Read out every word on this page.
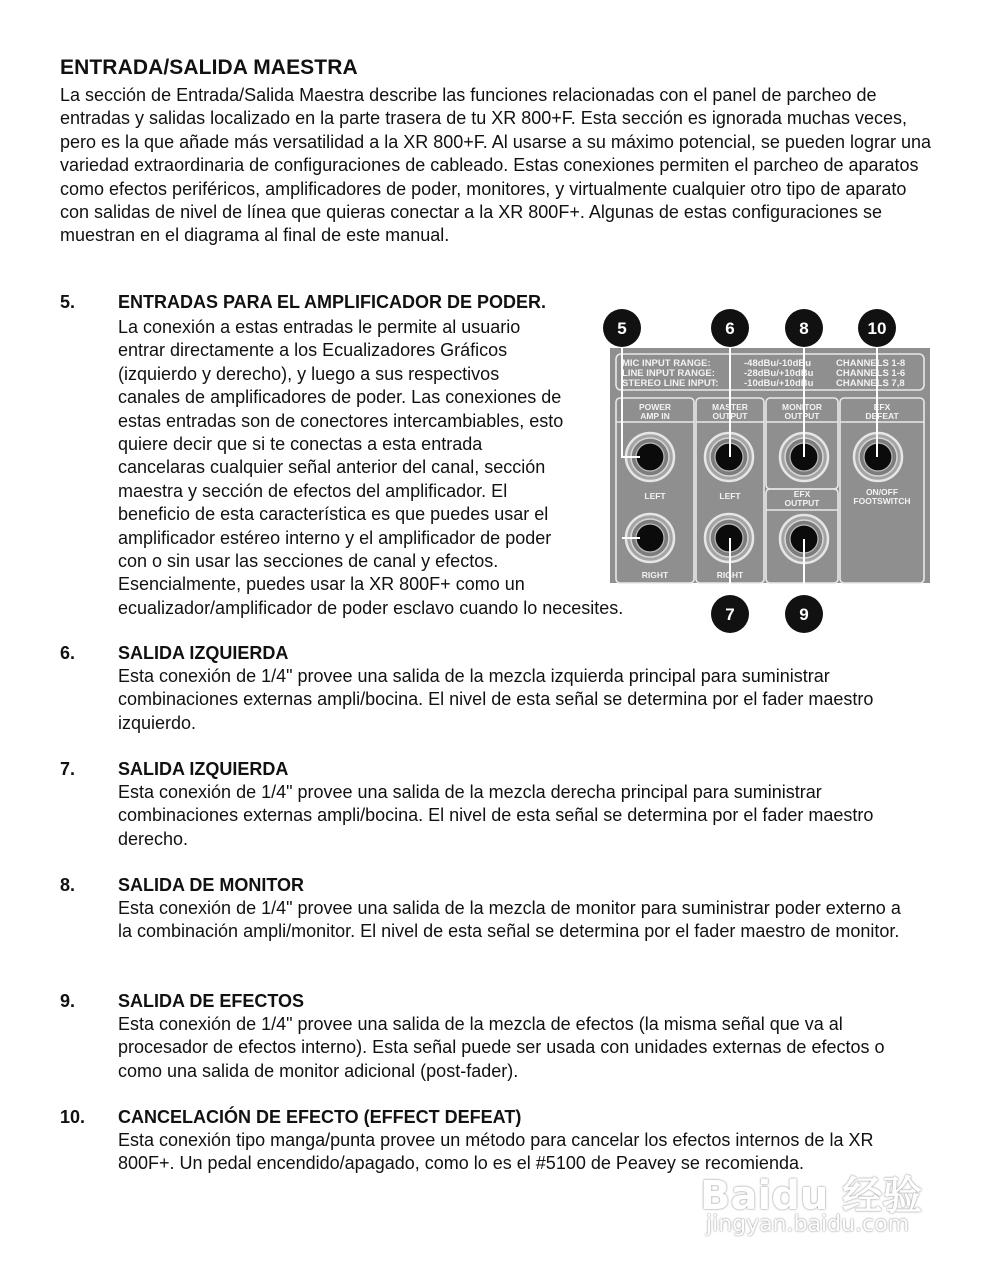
ENTRADA/SALIDA MAESTRA

La sección de Entrada/Salida Maestra describe las funciones relacionadas con el panel de parcheo de entradas y salidas localizado en la parte trasera de tu XR 800+F. Esta sección es ignorada muchas veces, pero es la que añade más versatilidad a la XR 800+F. Al usarse a su máximo potencial, se pueden lograr una variedad extraordinaria de configuraciones de cableado. Estas conexiones permiten el parcheo de aparatos como efectos periféricos, amplificadores de poder, monitores, y virtualmente cualquier otro tipo de aparato con salidas de nivel de línea que quieras conectar a la XR 800F+. Algunas de estas configuraciones se muestran en el diagrama al final de este manual.

5. ENTRADAS PARA EL AMPLIFICADOR DE PODER.
La conexión a estas entradas le permite al usuario
entrar directamente a los Ecualizadores Gráficos
(izquierdo y derecho), y luego a sus respectivos
canales de amplificadores de poder. Las conexiones de
estas entradas son de conectores intercambiables, esto
quiere decir que si te conectas a esta entrada
cancelaras cualquier señal anterior del canal, sección
maestra y sección de efectos del amplificador. El
beneficio de esta característica es que puedes usar el
amplificador estéreo interno y el amplificador de poder
con o sin usar las secciones de canal y efectos.
Esencialmente, puedes usar la XR 800F+ como un
ecualizador/amplificador de poder esclavo cuando lo necesites.
6. SALIDA IZQUIERDA

Esta conexión de 1/4" provee una salida de la mezcla izquierda principal para suministrar combinaciones externas ampli/bocina. El nivel de esta señal se determina por el fader maestro izquierdo.

7. SALIDA IZQUIERDA

Esta conexión de 1/4" provee una salida de la mezcla derecha principal para suministrar combinaciones externas ampli/bocina. El nivel de esta señal se determina por el fader maestro derecho.

8. SALIDA DE MONITOR

Esta conexión de 1/4" provee una salida de la mezcla de monitor para suministrar poder externo a la combinación ampli/monitor. El nivel de esta señal se determina por el fader maestro de monitor.

9. SALIDA DE EFECTOS

Esta conexión de 1/4" provee una salida de la mezcla de efectos (la misma señal que va al procesador de efectos interno). Esta señal puede ser usada con unidades externas de efectos o como una salida de monitor adicional (post-fader).

10. CANCELACIÓN DE EFECTO (EFFECT DEFEAT)

Esta conexión tipo manga/punta provee un método para cancelar los efectos internos de la XR 800F+. Un pedal encendido/apagado, como lo es el #5100 de Peavey se recomienda.

MIC INPUT RANGE:	-48dBu/-10dBu	CHANNELS 1-8
LINE INPUT RANGE:	-28dBu/+10dBu CHANNELS 1-6
STEREO LINE INPUT:	-10dBu/+10dBu CHANNELS 7,8
POWER
AMP IN
MASTER
OUTPUT
MONITOR
OUTPUT
EFX
DEFEAT
LEFT
RIGHT
LEFT
RIGHT
EFX
OUTPUT
ON/OFF
FOOTSWITCH
5	6	8	10
7	9
Baidu 经验
jingyan.baidu.com
